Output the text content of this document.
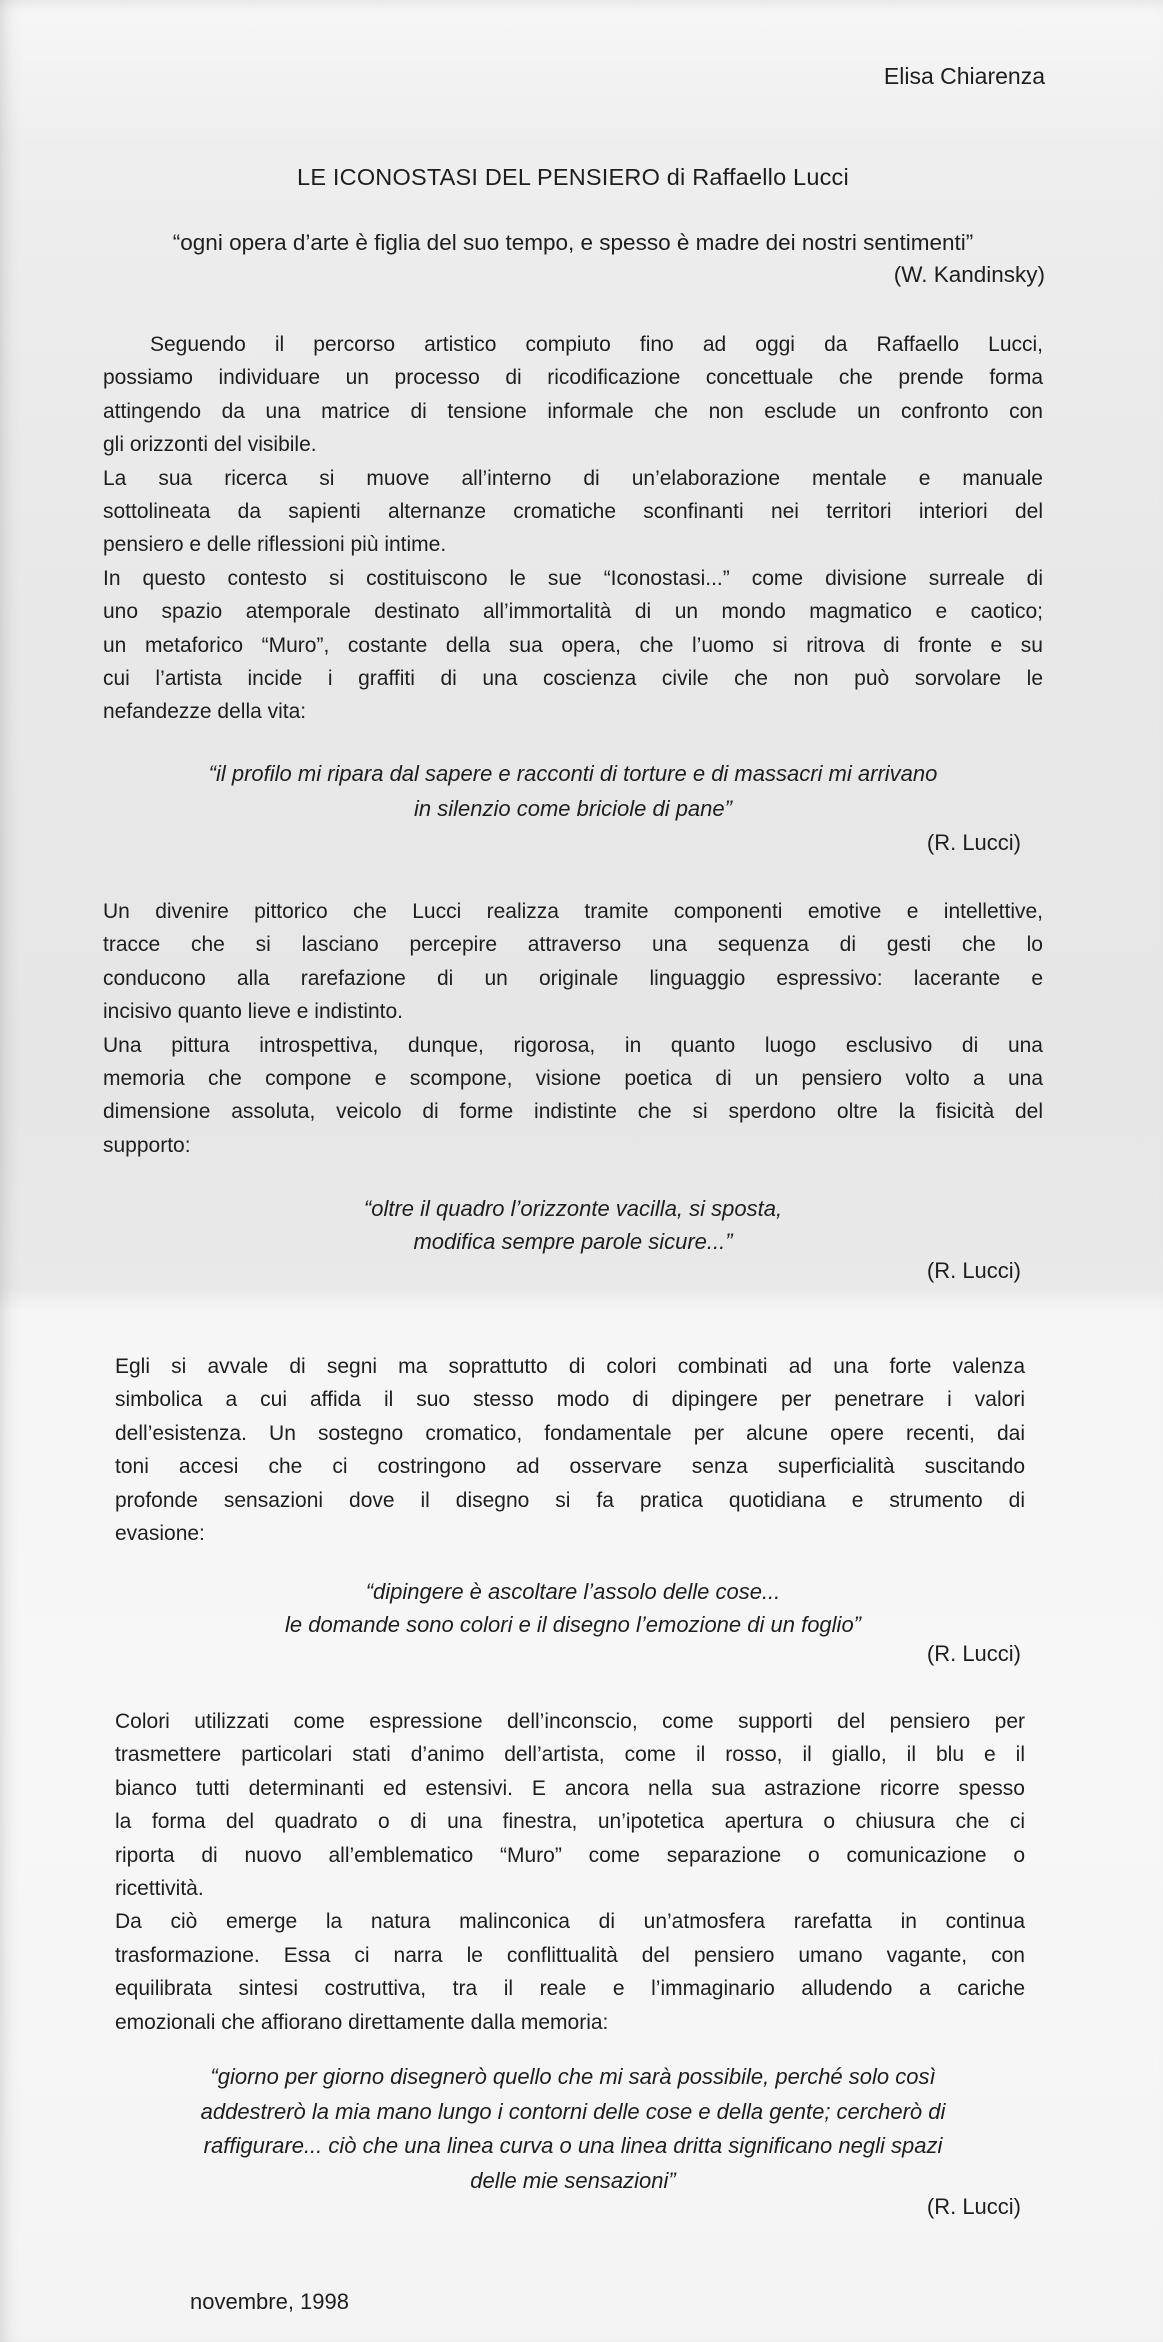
Elisa Chiarenza
LE ICONOSTASI DEL PENSIERO di Raffaello Lucci
“ogni opera d’arte è figlia del suo tempo, e spesso è madre dei nostri sentimenti”
(W. Kandinsky)
Seguendo il percorso artistico compiuto fino ad oggi da Raffaello Lucci,
possiamo individuare un processo di ricodificazione concettuale che prende forma
attingendo da una matrice di tensione informale che non esclude un confronto con
gli orizzonti del visibile.
La sua ricerca si muove all’interno di un’elaborazione mentale e manuale
sottolineata da sapienti alternanze cromatiche sconfinanti nei territori interiori del
pensiero e delle riflessioni più intime.
In questo contesto si costituiscono le sue “Iconostasi...” come divisione surreale di
uno spazio atemporale destinato all’immortalità di un mondo magmatico e caotico;
un metaforico “Muro”, costante della sua opera, che l’uomo si ritrova di fronte e su
cui l’artista incide i graffiti di una coscienza civile che non può sorvolare le
nefandezze della vita:
“il profilo mi ripara dal sapere e racconti di torture e di massacri mi arrivano
in silenzio come briciole di pane”
(R. Lucci)
Un divenire pittorico che Lucci realizza tramite componenti emotive e intellettive,
tracce che si lasciano percepire attraverso una sequenza di gesti che lo
conducono alla rarefazione di un originale linguaggio espressivo: lacerante e
incisivo quanto lieve e indistinto.
Una pittura introspettiva, dunque, rigorosa, in quanto luogo esclusivo di una
memoria che compone e scompone, visione poetica di un pensiero volto a una
dimensione assoluta, veicolo di forme indistinte che si sperdono oltre la fisicità del
supporto:
“oltre il quadro l’orizzonte vacilla, si sposta,
modifica sempre parole sicure...”
(R. Lucci)
Egli si avvale di segni ma soprattutto di colori combinati ad una forte valenza
simbolica a cui affida il suo stesso modo di dipingere per penetrare i valori
dell’esistenza. Un sostegno cromatico, fondamentale per alcune opere recenti, dai
toni accesi che ci costringono ad osservare senza superficialità suscitando
profonde sensazioni dove il disegno si fa pratica quotidiana e strumento di
evasione:
“dipingere è ascoltare l’assolo delle cose...
le domande sono colori e il disegno l’emozione di un foglio”
(R. Lucci)
Colori utilizzati come espressione dell’inconscio, come supporti del pensiero per
trasmettere particolari stati d’animo dell’artista, come il rosso, il giallo, il blu e il
bianco tutti determinanti ed estensivi. E ancora nella sua astrazione ricorre spesso
la forma del quadrato o di una finestra, un’ipotetica apertura o chiusura che ci
riporta di nuovo all’emblematico “Muro” come separazione o comunicazione o
ricettività.
Da ciò emerge la natura malinconica di un’atmosfera rarefatta in continua
trasformazione. Essa ci narra le conflittualità del pensiero umano vagante, con
equilibrata sintesi costruttiva, tra il reale e l’immaginario alludendo a cariche
emozionali che affiorano direttamente dalla memoria:
“giorno per giorno disegnerò quello che mi sarà possibile, perché solo così
addestrerò la mia mano lungo i contorni delle cose e della gente; cercherò di
raffigurare... ciò che una linea curva o una linea dritta significano negli spazi
delle mie sensazioni”
(R. Lucci)
novembre, 1998
